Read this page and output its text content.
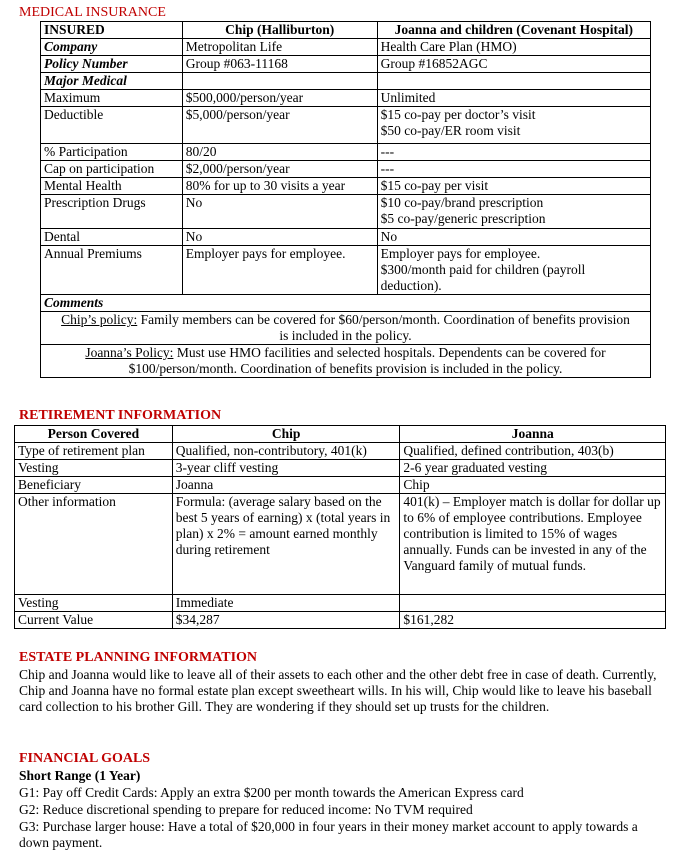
MEDICAL INSURANCE
INSURED	Chip (Halliburton)	Joanna and children (Covenant Hospital)
Company	Metropolitan Life	Health Care Plan (HMO)
Policy Number	Group #063-11168	Group #16852AGC
Major Medical		
Maximum	$500,000/person/year	Unlimited
Deductible	$5,000/person/year	$15 co-pay per doctor’s visit
$50 co-pay/ER room visit

% Participation	80/20	---
Cap on participation	$2,000/person/year	---
Mental Health	80% for up to 30 visits a year	$15 co-pay per visit
Prescription Drugs	No	$10 co-pay/brand prescription
$5 co-pay/generic prescription

Dental	No	No
Annual Premiums	Employer pays for employee.	Employer pays for employee.
$300/month paid for children (payroll deduction).

Comments		
Chip’s policy: Family members can be covered for $60/person/month. Coordination of benefits provision is included in the policy.		
Joanna’s Policy: Must use HMO facilities and selected hospitals. Dependents can be covered for $100/person/month. Coordination of benefits provision is included in the policy.		
RETIREMENT INFORMATION
Person Covered	Chip	Joanna
Type of retirement plan	Qualified, non-contributory, 401(k)	Qualified, defined contribution, 403(b)
Vesting	3-year cliff vesting	2-6 year graduated vesting
Beneficiary	Joanna	Chip
Other information	Formula: (average salary based on the best 5 years of earning) x (total years in plan) x 2% = amount earned monthly during retirement	401(k) – Employer match is dollar for dollar up to 6% of employee contributions. Employee contribution is limited to 15% of wages annually. Funds can be invested in any of the Vanguard family of mutual funds.
Vesting	Immediate	
Current Value	$34,287	$161,282
ESTATE PLANNING INFORMATION
Chip and Joanna would like to leave all of their assets to each other and the other debt free in case of death. Currently, Chip and Joanna have no formal estate plan except sweetheart wills. In his will, Chip would like to leave his baseball card collection to his brother Gill. They are wondering if they should set up trusts for the children.
FINANCIAL GOALS
Short Range (1 Year)
G1: Pay off Credit Cards: Apply an extra $200 per month towards the American Express card
G2: Reduce discretional spending to prepare for reduced income: No TVM required
G3: Purchase larger house: Have a total of $20,000 in four years in their money market account to apply towards a down payment.
